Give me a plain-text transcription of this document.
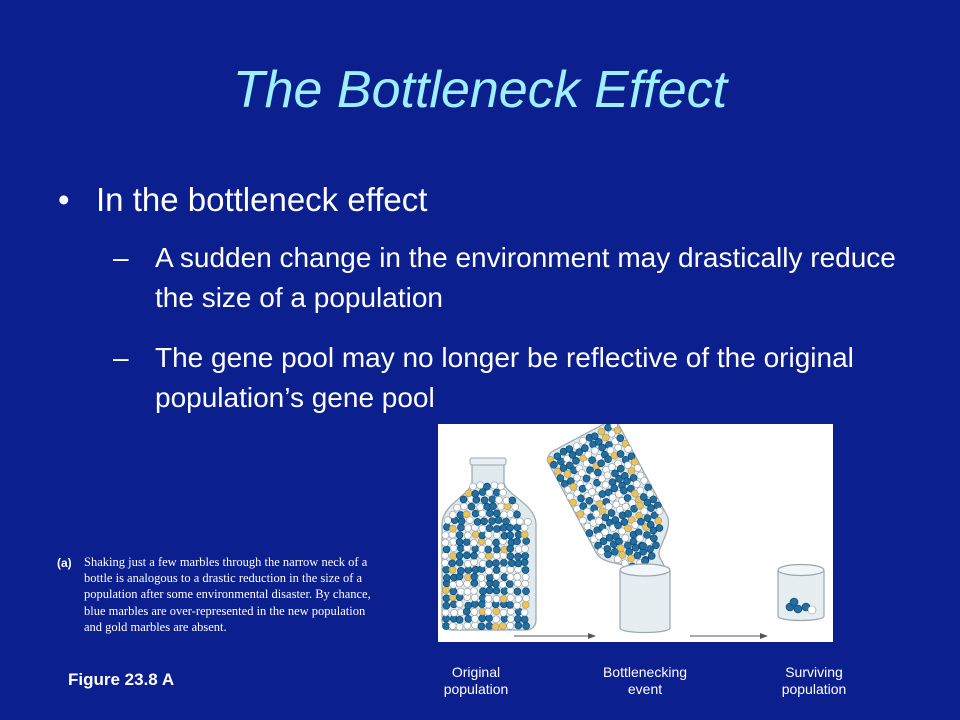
The Bottleneck Effect
• In the bottleneck effect
– A sudden change in the environment may drastically reduce the size of a population
– The gene pool may no longer be reflective of the original population’s gene pool
(a) Shaking just a few marbles through the narrow neck of a bottle is analogous to a drastic reduction in the size of a population after some environmental disaster. By chance, blue marbles are over-represented in the new population and gold marbles are absent.
Figure 23.8 A	Original
population
Bottlenecking
event
Surviving
population
